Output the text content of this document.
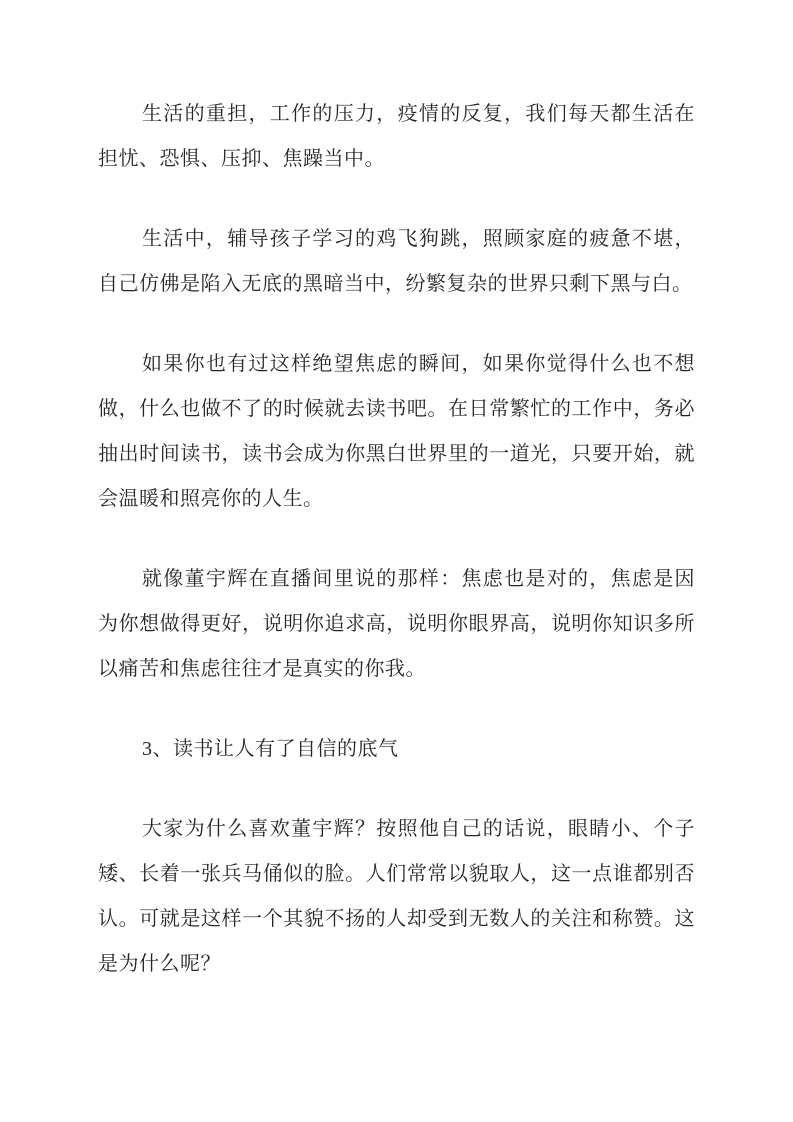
生活的重担，工作的压力，疫情的反复，我们每天都生活在担忧、恐惧、压抑、焦躁当中。

生活中，辅导孩子学习的鸡飞狗跳，照顾家庭的疲惫不堪，自己仿佛是陷入无底的黑暗当中，纷繁复杂的世界只剩下黑与白。

如果你也有过这样绝望焦虑的瞬间，如果你觉得什么也不想做，什么也做不了的时候就去读书吧。在日常繁忙的工作中，务必抽出时间读书，读书会成为你黑白世界里的一道光，只要开始，就会温暖和照亮你的人生。

就像董宇辉在直播间里说的那样：焦虑也是对的，焦虑是因为你想做得更好，说明你追求高，说明你眼界高，说明你知识多所以痛苦和焦虑往往才是真实的你我。

3、读书让人有了自信的底气

大家为什么喜欢董宇辉？按照他自己的话说，眼睛小、个子矮、长着一张兵马俑似的脸。人们常常以貌取人，这一点谁都别否认。可就是这样一个其貌不扬的人却受到无数人的关注和称赞。这是为什么呢？
